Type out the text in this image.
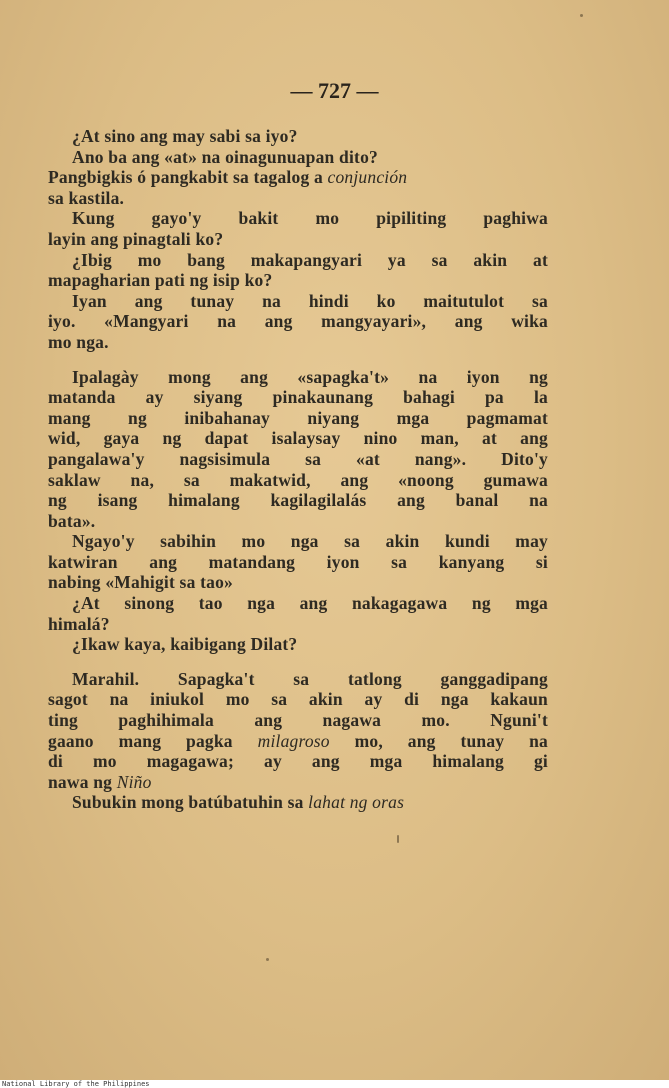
— 727 —
¿At sino ang may sabi sa iyo?
Ano ba ang «at» na oinagunuapan dito?
Pangbigkis ó pangkabit sa tagalog a conjunción
sa kastila.
Kung gayo'y bakit mo pipiliting paghiwa
layin ang pinagtali ko?
¿Ibig mo bang makapangyari ya sa akin at
mapagharian pati ng isip ko?
Iyan ang tunay na hindi ko maitutulot sa
iyo. «Mangyari na ang mangyayari», ang wika
mo nga.
Ipalagày mong ang «sapagka't» na iyon ng
matanda ay siyang pinakaunang bahagi pa la
mang ng inibahanay niyang mga pagmamat
wid, gaya ng dapat isalaysay nino man, at ang
pangalawa'y nagsisimula sa «at nang». Dito'y
saklaw na, sa makatwid, ang «noong gumawa
ng isang himalang kagilagilalás ang banal na
bata».
Ngayo'y sabihin mo nga sa akin kundi may
katwiran ang matandang iyon sa kanyang si
nabing «Mahigit sa tao»
¿At sinong tao nga ang nakagagawa ng mga
himalá?
¿Ikaw kaya, kaibigang Dilat?
Marahil. Sapagka't sa tatlong ganggadipang
sagot na iniukol mo sa akin ay di nga kakaun
ting paghihimala ang nagawa mo. Nguni't
gaano mang pagka milagroso mo, ang tunay na
di mo magagawa; ay ang mga himalang gi
nawa ng Niño
Subukin mong batúbatuhin sa lahat ng oras
National Library of the Philippines
